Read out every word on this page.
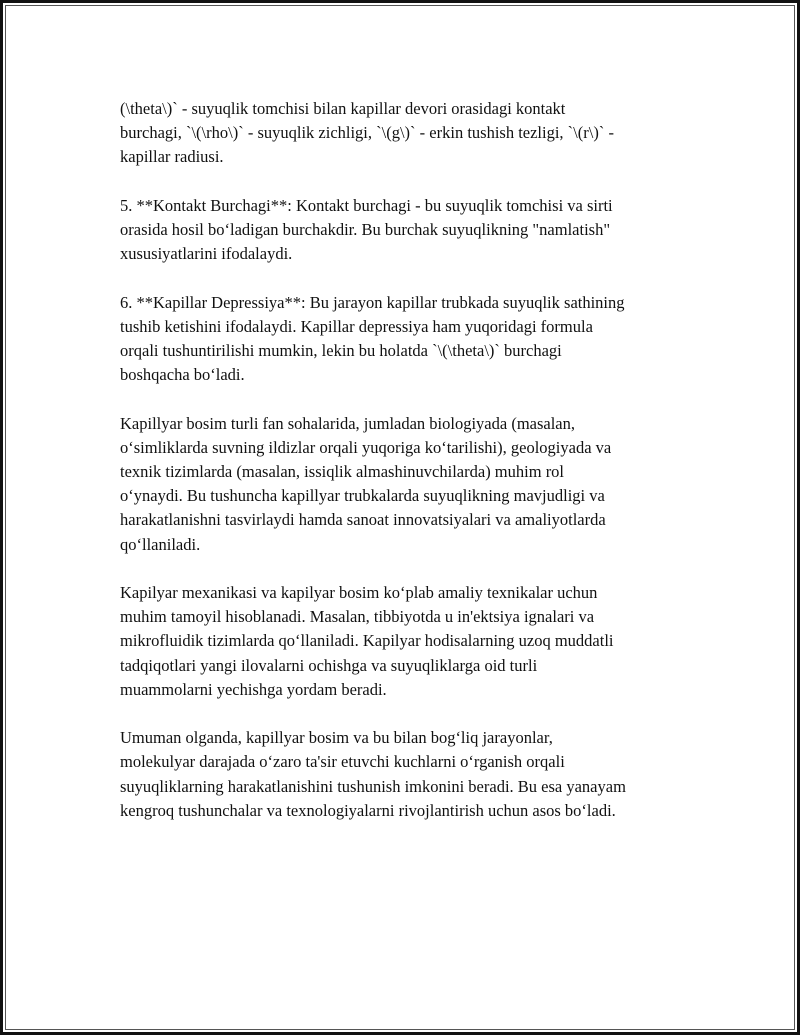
(\theta\)` - suyuqlik tomchisi bilan kapillar devori orasidagi kontakt
burchagi, `\(\rho\)` - suyuqlik zichligi, `\(g\)` - erkin tushish tezligi, `\(r\)` -
kapillar radiusi.

5. **Kontakt Burchagi**: Kontakt burchagi - bu suyuqlik tomchisi va sirti
orasida hosil bo‘ladigan burchakdir. Bu burchak suyuqlikning "namlatish"
xususiyatlarini ifodalaydi.

6. **Kapillar Depressiya**: Bu jarayon kapillar trubkada suyuqlik sathining
tushib ketishini ifodalaydi. Kapillar depressiya ham yuqoridagi formula
orqali tushuntirilishi mumkin, lekin bu holatda `\(\theta\)` burchagi
boshqacha bo‘ladi.

Kapillyar bosim turli fan sohalarida, jumladan biologiyada (masalan,
o‘simliklarda suvning ildizlar orqali yuqoriga ko‘tarilishi), geologiyada va
texnik tizimlarda (masalan, issiqlik almashinuvchilarda) muhim rol
o‘ynaydi. Bu tushuncha kapillyar trubkalarda suyuqlikning mavjudligi va
harakatlanishni tasvirlaydi hamda sanoat innovatsiyalari va amaliyotlarda
qo‘llaniladi.

Kapilyar mexanikasi va kapilyar bosim ko‘plab amaliy texnikalar uchun
muhim tamoyil hisoblanadi. Masalan, tibbiyotda u in'ektsiya ignalari va
mikrofluidik tizimlarda qo‘llaniladi. Kapilyar hodisalarning uzoq muddatli
tadqiqotlari yangi ilovalarni ochishga va suyuqliklarga oid turli
muammolarni yechishga yordam beradi.

Umuman olganda, kapillyar bosim va bu bilan bog‘liq jarayonlar,
molekulyar darajada o‘zaro ta'sir etuvchi kuchlarni o‘rganish orqali
suyuqliklarning harakatlanishini tushunish imkonini beradi. Bu esa yanayam
kengroq tushunchalar va texnologiyalarni rivojlantirish uchun asos bo‘ladi.
